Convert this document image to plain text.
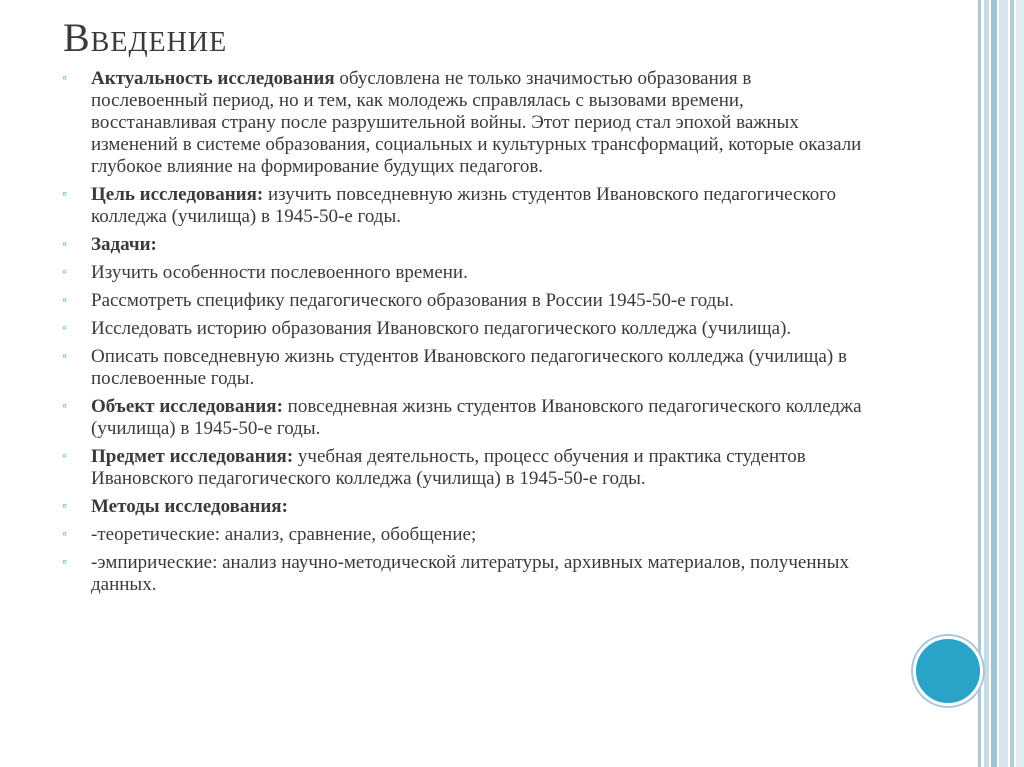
Введение
◦
Актуальность исследования обусловлена не только значимостью образования в послевоенный период, но и тем, как молодежь справлялась с вызовами времени, восстанавливая страну после разрушительной войны. Этот период стал эпохой важных изменений в системе образования, социальных и культурных трансформаций, которые оказали глубокое влияние на формирование будущих педагогов.
◦
Цель исследования: изучить повседневную жизнь студентов Ивановского педагогического колледжа (училища) в 1945-50-е годы.
◦
Задачи:
◦
Изучить особенности послевоенного времени.
◦
Рассмотреть специфику педагогического образования в России 1945-50-е годы.
◦
Исследовать историю образования Ивановского педагогического колледжа (училища).
◦
Описать повседневную жизнь студентов Ивановского педагогического колледжа (училища) в послевоенные годы.
◦
Объект исследования: повседневная жизнь студентов Ивановского педагогического колледжа (училища) в 1945-50-е годы.
◦
Предмет исследования: учебная деятельность, процесс обучения и практика студентов Ивановского педагогического колледжа (училища) в 1945-50-е годы.
◦
Методы исследования:
◦
-теоретические: анализ, сравнение, обобщение;
◦
-эмпирические: анализ научно-методической литературы, архивных материалов, полученных данных.
